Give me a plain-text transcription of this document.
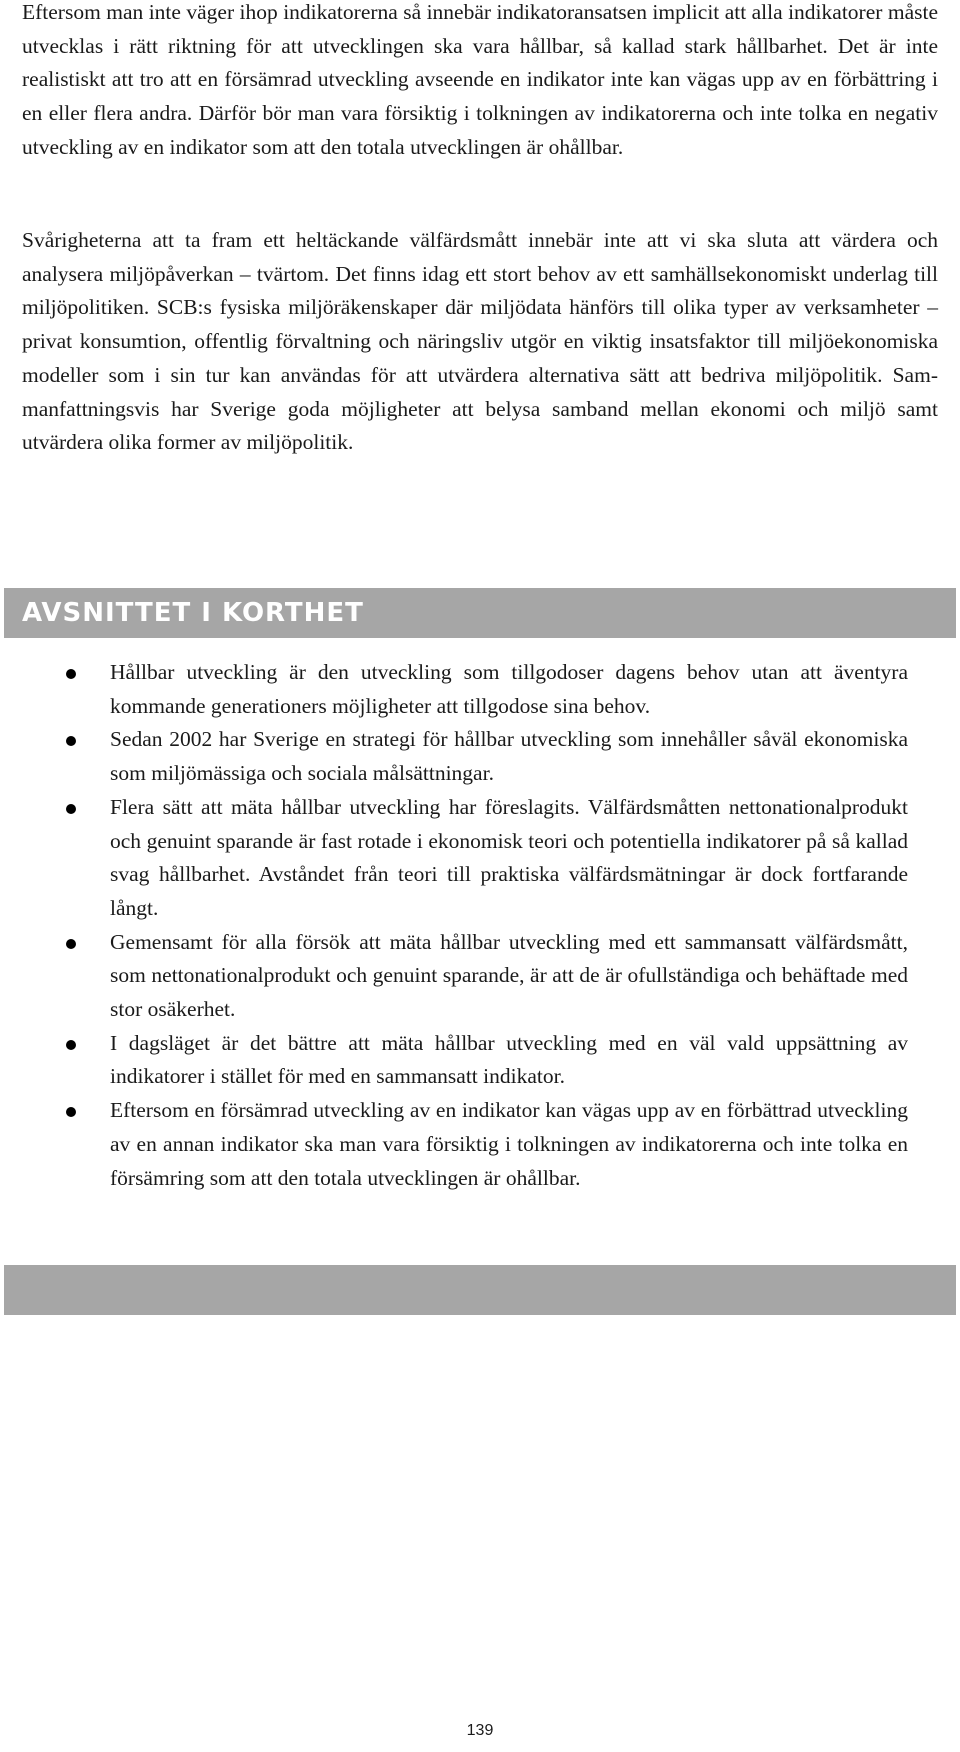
Eftersom man inte väger ihop indikatorerna så innebär indikatoransatsen implicit att alla indikatorer måste utvecklas i rätt riktning för att utvecklingen ska vara hållbar, så kallad stark hållbarhet. Det är inte realistiskt att tro att en försämrad utveckling avseende en indikator inte kan vägas upp av en förbättring i en eller flera andra. Därför bör man vara försiktig i tolkningen av indikatorerna och inte tolka en negativ utveckling av en indikator som att den totala utvecklingen är ohållbar.

Svårigheterna att ta fram ett heltäckande välfärdsmått innebär inte att vi ska sluta att värdera och analysera miljöpåverkan – tvärtom. Det finns idag ett stort behov av ett samhällsekonomiskt underlag till miljöpolitiken. SCB:s fysiska miljöräkenskaper där miljödata hänförs till olika typer av verksamheter – privat konsumtion, offentlig förvaltning och näringsliv utgör en viktig insatsfaktor till miljöekonomiska modeller som i sin tur kan användas för att utvärdera alternativa sätt att bedriva miljöpolitik. Sammanfattningsvis har Sverige goda möjligheter att belysa samband mellan ekonomi och miljö samt utvärdera olika former av miljöpolitik.

AVSNITTET I KORTHET
Hållbar utveckling är den utveckling som tillgodoser dagens behov utan att äventyra kommande generationers möjligheter att tillgodose sina behov.
Sedan 2002 har Sverige en strategi för hållbar utveckling som innehåller såväl ekonomiska som miljömässiga och sociala målsättningar.
Flera sätt att mäta hållbar utveckling har föreslagits. Välfärdsmåtten nettonationalprodukt och genuint sparande är fast rotade i ekonomisk teori och potentiella indikatorer på så kallad svag hållbarhet. Avståndet från teori till praktiska välfärdsmätningar är dock fortfarande långt.
Gemensamt för alla försök att mäta hållbar utveckling med ett sammansatt välfärdsmått, som nettonationalprodukt och genuint sparande, är att de är ofullständiga och behäftade med stor osäkerhet.
I dagsläget är det bättre att mäta hållbar utveckling med en väl vald uppsättning av indikatorer i stället för med en sammansatt indikator.
Eftersom en försämrad utveckling av en indikator kan vägas upp av en förbättrad utveckling av en annan indikator ska man vara försiktig i tolkningen av indikatorerna och inte tolka en försämring som att den totala utvecklingen är ohållbar.
139
